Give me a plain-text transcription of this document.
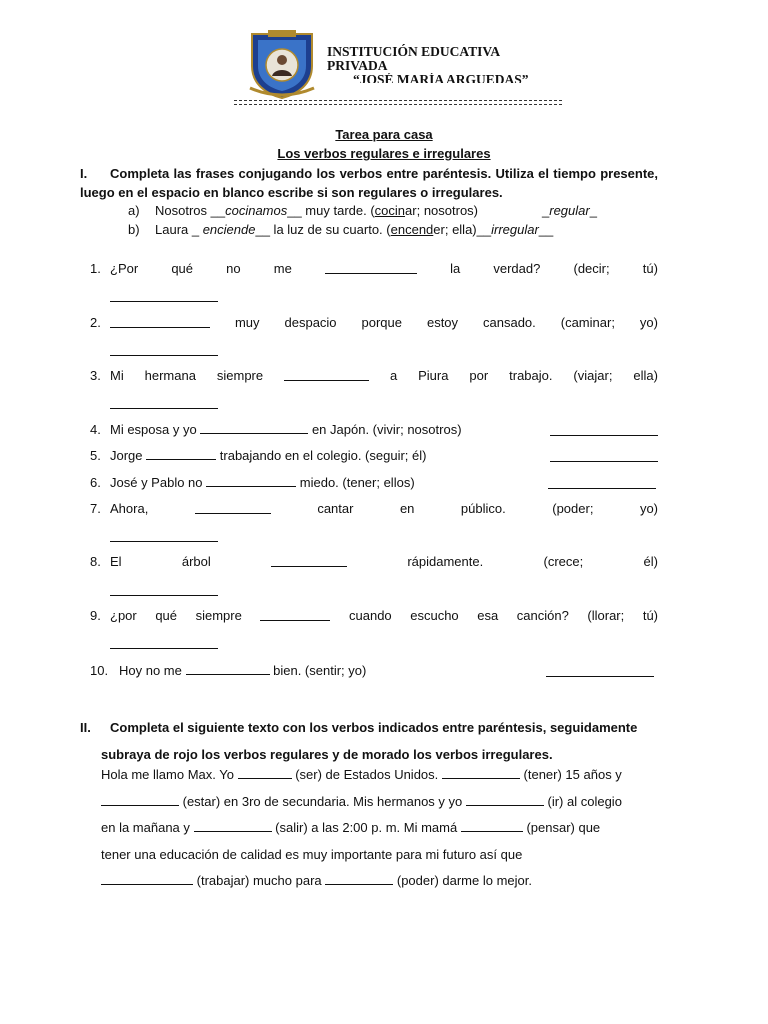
INSTITUCIÓN EDUCATIVA
PRIVADA
“JOSÉ MARÍA ARGUEDAS”
Tarea para casa
Los verbos regulares e irregulares
I. Completa las frases conjugando los verbos entre paréntesis. Utiliza el tiempo presente, luego en el espacio en blanco escribe si son regulares o irregulares.
a) Nosotros __cocinamos__ muy tarde. (cocinar; nosotros)	_regular_
b) Laura _ enciende__ la luz de su cuarto. (encender; ella)__irregular__
1. ¿Por	qué	no	me	la	verdad?	(decir;	tú)
2.	muy despacio porque estoy cansado. (caminar; yo)
3. Mi hermana siempre	a Piura por trabajo. (viajar; ella)
4. Mi esposa y yo	en Japón. (vivir; nosotros)
5. Jorge	trabajando en el colegio. (seguir; él)
6. José y Pablo no	miedo. (tener; ellos)
7. Ahora,	cantar	en	público.	(poder;	yo)
8. El	árbol	rápidamente.	(crece;	él)
9. ¿por qué siempre	cuando escucho esa canción? (llorar; tú)
10. Hoy no me	bien. (sentir; yo)
II. Completa el siguiente texto con los verbos indicados entre paréntesis, seguidamente
subraya de rojo los verbos regulares y de morado los verbos irregulares.
Hola me llamo Max. Yo	(ser) de Estados Unidos.	(tener) 15 años y
(estar) en 3ro de secundaria. Mis hermanos y yo	(ir) al colegio
en la mañana y	(salir) a las 2:00 p. m. Mi mamá	(pensar) que
tener una educación de calidad es muy importante para mi futuro así que
(trabajar) mucho para	(poder) darme lo mejor.
